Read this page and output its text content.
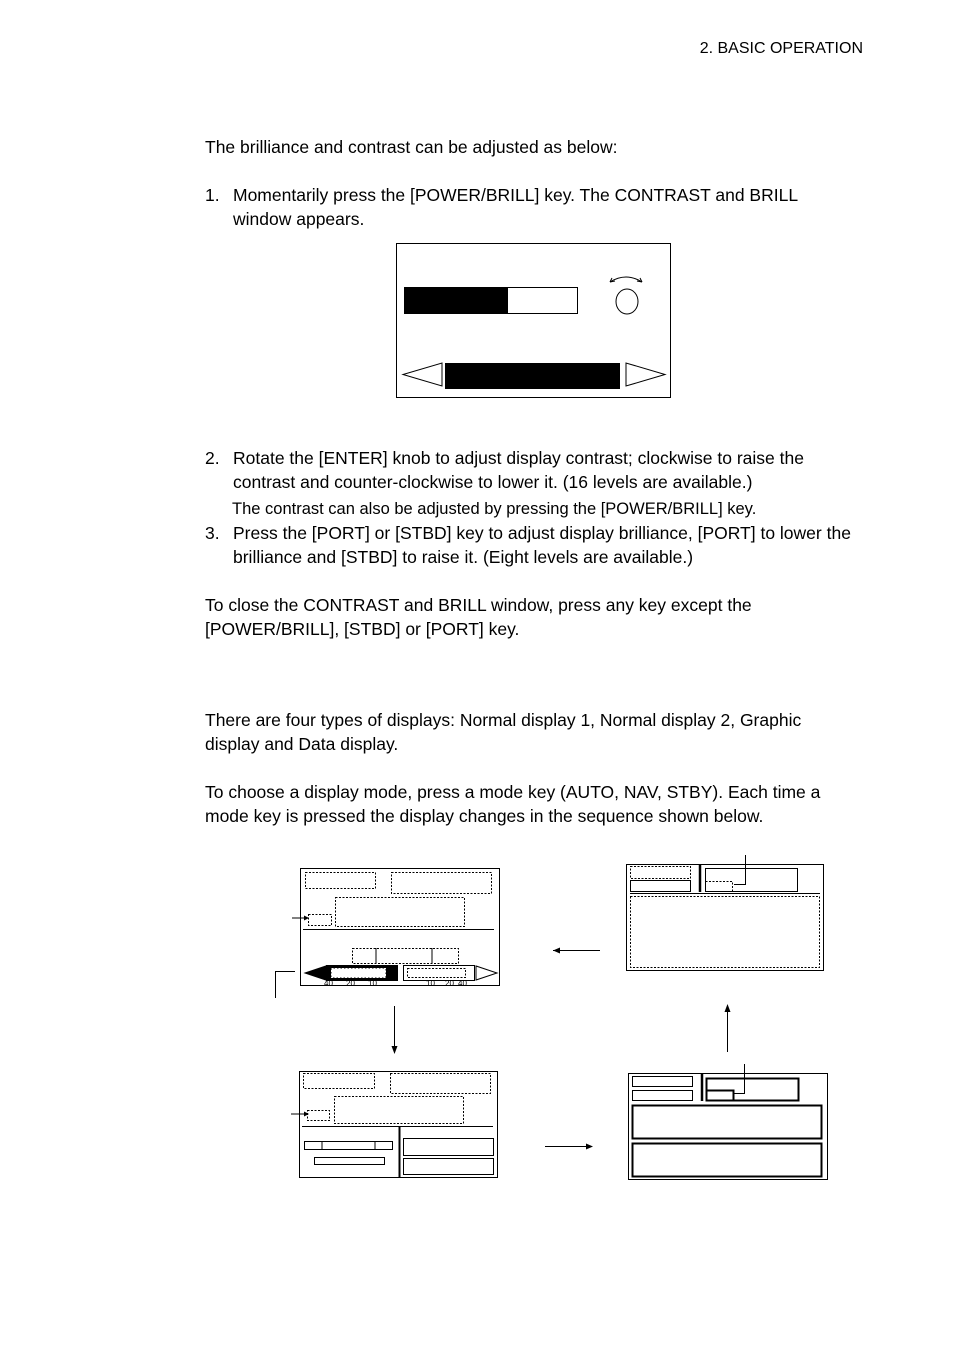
2. BASIC OPERATION
The brilliance and contrast can be adjusted as below:
1. Momentarily press the [POWER/BRILL] key. The CONTRAST and BRILL window appears.
2. Rotate the [ENTER] knob to adjust display contrast; clockwise to raise the contrast and counter-clockwise to lower it. (16 levels are available.)
The contrast can also be adjusted by pressing the [POWER/BRILL] key.
3. Press the [PORT] or [STBD] key to adjust display brilliance, [PORT] to lower the brilliance and [STBD] to raise it. (Eight levels are available.)
To close the CONTRAST and BRILL window, press any key except the [POWER/BRILL], [STBD] or [PORT] key.
There are four types of displays: Normal display 1, Normal display 2, Graphic display and Data display.
To choose a display mode, press a mode key (AUTO, NAV, STBY). Each time a mode key is pressed the display changes in the sequence shown below.
40 20 10	10 20 40
